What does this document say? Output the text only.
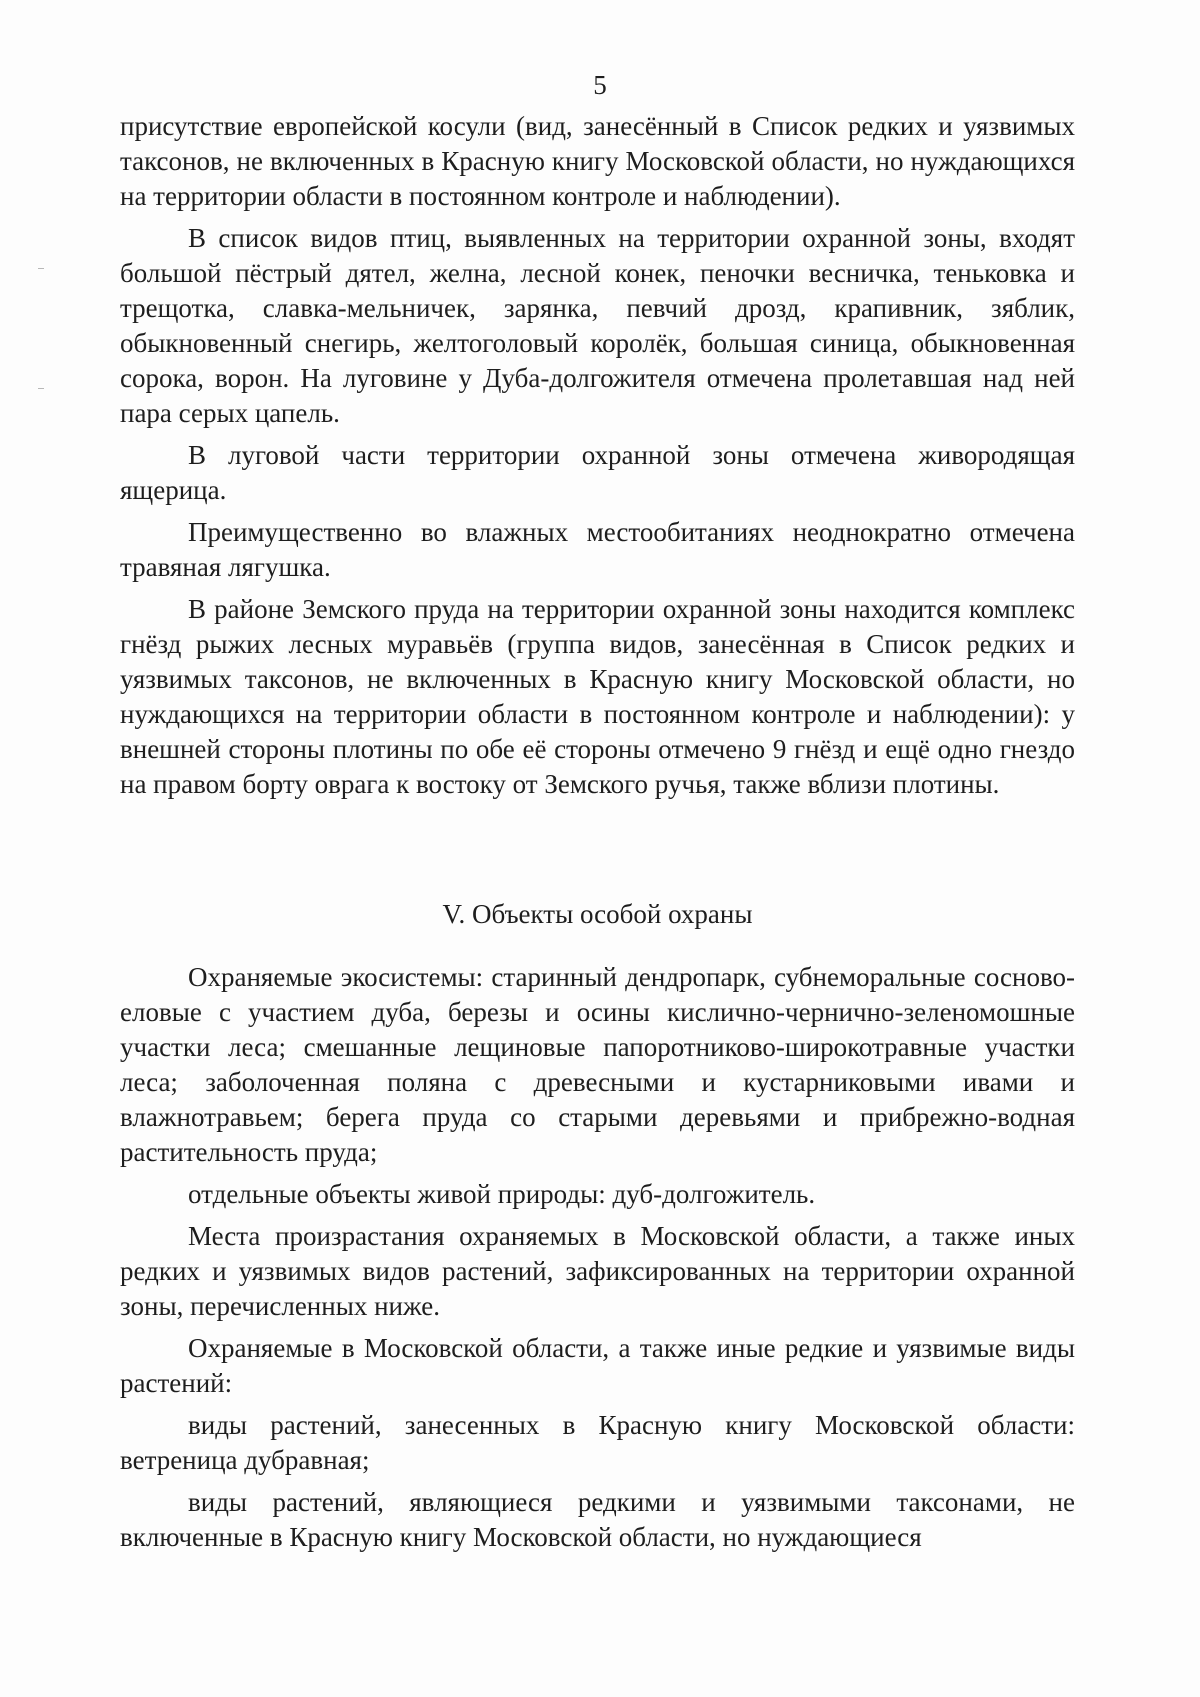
5

присутствие европейской косули (вид, занесённый в Список редких и уязвимых таксонов, не включенных в Красную книгу Московской области, но нуждающихся на территории области в постоянном контроле и наблюдении).

В список видов птиц, выявленных на территории охранной зоны, входят большой пёстрый дятел, желна, лесной конек, пеночки весничка, теньковка и трещотка, славка-мельничек, зарянка, певчий дрозд, крапивник, зяблик, обыкновенный снегирь, желтоголовый королёк, большая синица, обыкновенная сорока, ворон. На луговине у Дуба-долгожителя отмечена пролетавшая над ней пара серых цапель.

В луговой части территории охранной зоны отмечена живородящая ящерица.

Преимущественно во влажных местообитаниях неоднократно отмечена травяная лягушка.

В районе Земского пруда на территории охранной зоны находится комплекс гнёзд рыжих лесных муравьёв (группа видов, занесённая в Список редких и уязвимых таксонов, не включенных в Красную книгу Московской области, но нуждающихся на территории области в постоянном контроле и наблюдении): у внешней стороны плотины по обе её стороны отмечено 9 гнёзд и ещё одно гнездо на правом борту оврага к востоку от Земского ручья, также вблизи плотины.

V. Объекты особой охраны

Охраняемые экосистемы: старинный дендропарк, субнеморальные сосново-еловые с участием дуба, березы и осины кислично-чернично-зеленомошные участки леса; смешанные лещиновые папоротниково-широкотравные участки леса; заболоченная поляна с древесными и кустарниковыми ивами и влажнотравьем; берега пруда со старыми деревьями и прибрежно-водная растительность пруда;

отдельные объекты живой природы: дуб-долгожитель.

Места произрастания охраняемых в Московской области, а также иных редких и уязвимых видов растений, зафиксированных на территории охранной зоны, перечисленных ниже.

Охраняемые в Московской области, а также иные редкие и уязвимые виды растений:

виды растений, занесенных в Красную книгу Московской области: ветреница дубравная;

виды растений, являющиеся редкими и уязвимыми таксонами, не включенные в Красную книгу Московской области, но нуждающиеся
